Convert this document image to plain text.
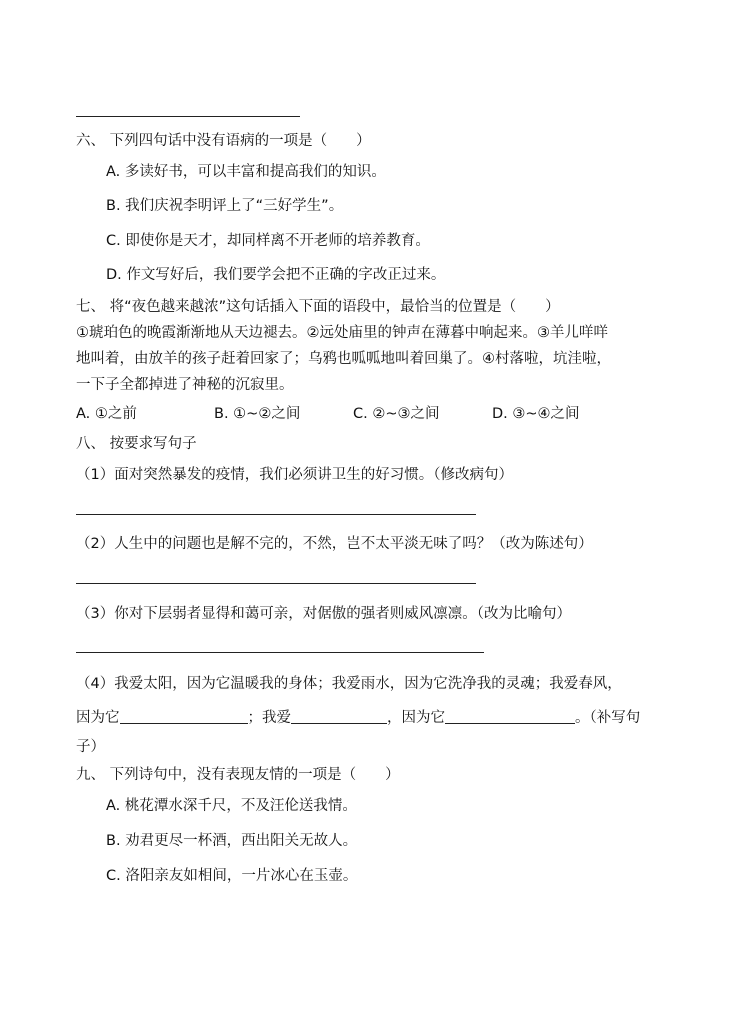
六、 下列四句话中没有语病的一项是（　　）
A. 多读好书，可以丰富和提高我们的知识。
B. 我们庆祝李明评上了“三好学生”。
C. 即使你是天才，却同样离不开老师的培养教育。
D. 作文写好后，我们要学会把不正确的字改正过来。
七、 将“夜色越来越浓”这句话插入下面的语段中，最恰当的位置是（　　）
①琥珀色的晚霞渐渐地从天边褪去。②远处庙里的钟声在薄暮中响起来。③羊儿咩咩
地叫着，由放羊的孩子赶着回家了；乌鸦也呱呱地叫着回巢了。④村落啦，坑洼啦，
一下子全都掉进了神秘的沉寂里。
A. ①之前	B. ①~②之间	C. ②~③之间	D. ③~④之间
八、 按要求写句子
（1）面对突然暴发的疫情，我们必须讲卫生的好习惯。（修改病句）
（2）人生中的问题也是解不完的，不然，岂不太平淡无味了吗？（改为陈述句）
（3）你对下层弱者显得和蔼可亲，对倨傲的强者则威风凛凛。（改为比喻句）
（4）我爱太阳，因为它温暖我的身体；我爱雨水，因为它洗净我的灵魂；我爱春风，
因为它	；我爱	，因为它	。（补写句
子）
九、 下列诗句中，没有表现友情的一项是（　　）
A. 桃花潭水深千尺，不及汪伦送我情。
B. 劝君更尽一杯酒，西出阳关无故人。
C. 洛阳亲友如相间，一片冰心在玉壶。
